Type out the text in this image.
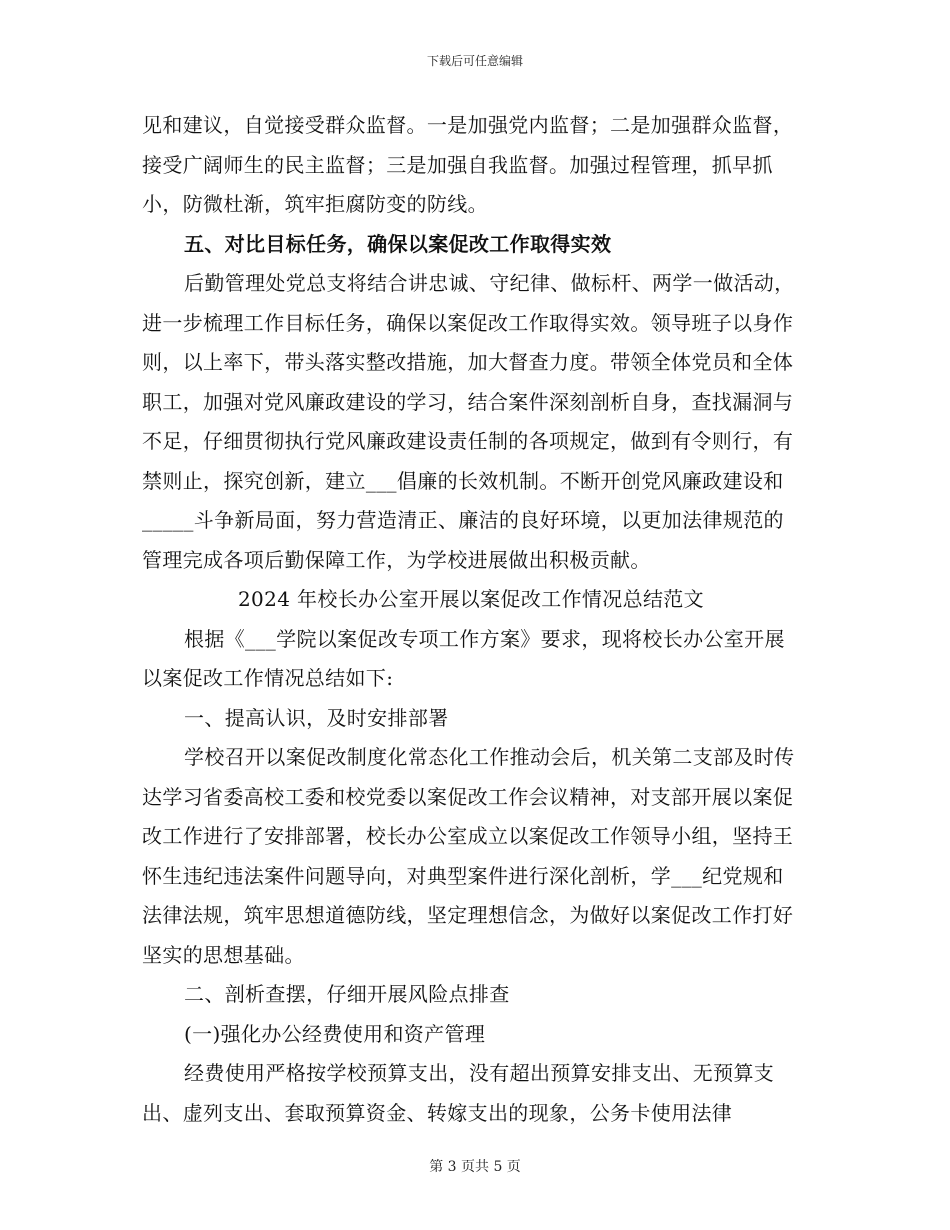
下载后可任意编辑

见和建议，自觉接受群众监督。一是加强党内监督；二是加强群众监督，接受广阔师生的民主监督；三是加强自我监督。加强过程管理，抓早抓小，防微杜渐，筑牢拒腐防变的防线。

五、对比目标任务，确保以案促改工作取得实效

后勤管理处党总支将结合讲忠诚、守纪律、做标杆、两学一做活动，进一步梳理工作目标任务，确保以案促改工作取得实效。领导班子以身作则，以上率下，带头落实整改措施，加大督查力度。带领全体党员和全体职工，加强对党风廉政建设的学习，结合案件深刻剖析自身，查找漏洞与不足，仔细贯彻执行党风廉政建设责任制的各项规定，做到有令则行，有禁则止，探究创新，建立___倡廉的长效机制。不断开创党风廉政建设和_____斗争新局面，努力营造清正、廉洁的良好环境，以更加法律规范的管理完成各项后勤保障工作，为学校进展做出积极贡献。

2024 年校长办公室开展以案促改工作情况总结范文

根据《___学院以案促改专项工作方案》要求，现将校长办公室开展以案促改工作情况总结如下:

一、提高认识，及时安排部署

学校召开以案促改制度化常态化工作推动会后，机关第二支部及时传达学习省委高校工委和校党委以案促改工作会议精神，对支部开展以案促改工作进行了安排部署，校长办公室成立以案促改工作领导小组，坚持王怀生违纪违法案件问题导向，对典型案件进行深化剖析，学___纪党规和法律法规，筑牢思想道德防线，坚定理想信念，为做好以案促改工作打好坚实的思想基础。

二、剖析查摆，仔细开展风险点排查

(一)强化办公经费使用和资产管理

经费使用严格按学校预算支出，没有超出预算安排支出、无预算支出、虚列支出、套取预算资金、转嫁支出的现象，公务卡使用法律

第 3 页共 5 页
